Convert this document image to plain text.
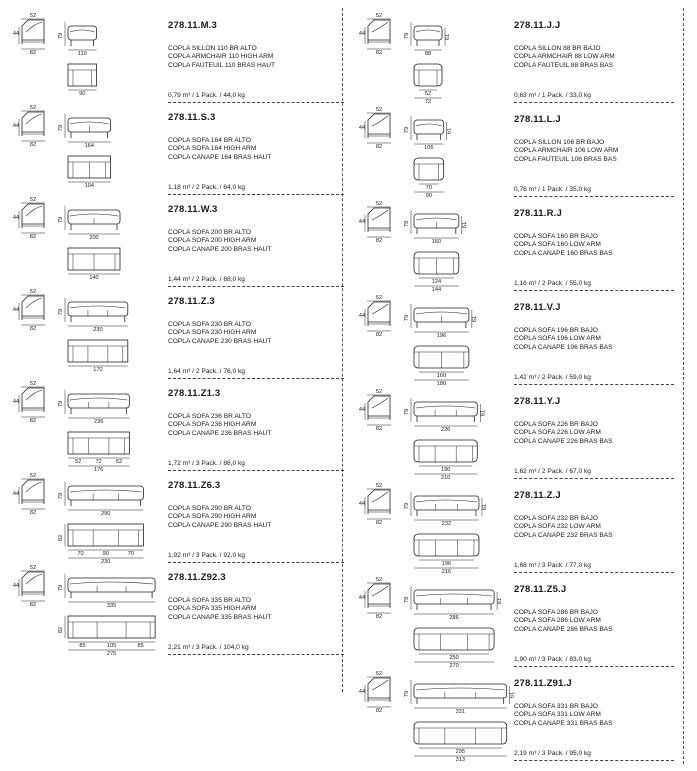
278.11.M.3
COPLA SILLON 110 BR ALTO
COPLA ARMCHAIR 110 HIGH ARM
COPLA FAUTEUIL 110 BRAS HAUT
0,79 m³ / 1 Pack. / 44,0 kg
52
44
82
79
110
90
278.11.S.3
COPLA SOFA 164 BR ALTO
COPLA SOFA 164 HIGH ARM
COPLA CANAPE 164 BRAS HAUT
1,18 m³ / 2 Pack. / 64,0 kg
52
44
82
79
164
104
278.11.W.3
COPLA SOFA 200 BR ALTO
COPLA SOFA 200 HIGH ARM
COPLA CANAPE 200 BRAS HAUT
1,44 m³ / 2 Pack. / 68,0 kg
52
44
82
79
200
140
278.11.Z.3
COPLA SOFA 230 BR ALTO
COPLA SOFA 230 HIGH ARM
COPLA CANAPE 230 BRAS HAUT
1,64 m³ / 2 Pack. / 76,0 kg
52
44
82
79
230
170
278.11.Z1.3
COPLA SOFA 236 BR ALTO
COPLA SOFA 236 HIGH ARM
COPLA CANAPE 236 BRAS HAUT
1,72 m³ / 3 Pack. / 86,0 kg
52
44
82
79
236
52	72	52
176
278.11.Z6.3
COPLA SOFA 290 BR ALTO
COPLA SOFA 290 HIGH ARM
COPLA CANAPE 290 BRAS HAUT
1,92 m³ / 3 Pack. / 92,0 kg
52
44
82
79
290
82
70	90	70
230
278.11.Z92.3
COPLA SOFA 335 BR ALTO
COPLA SOFA 335 HIGH ARM
COPLA CANAPE 335 BRAS HAUT
2,21 m³ / 3 Pack. / 104,0 kg
52
44
82
79
335
82
85	105	85
275
278.11.J.J
COPLA SILLON 88 BR BAJO
COPLA ARMCHAIR 88 LOW ARM
COPLA FAUTEUIL 88 BRAS BAS
0,63 m³ / 1 Pack. / 33,0 kg
52
44
82
79	61
88
52
72
278.11.L.J
COPLA SILLON 106 BR BAJO
COPLA ARMCHAIR 106 LOW ARM
COPLA FAUTEUIL 106 BRAS BAS
0,76 m³ / 1 Pack. / 35,0 kg
52
44
82
79	61
106
70
90
278.11.R.J
COPLA SOFA 160 BR BAJO
COPLA SOFA 160 LOW ARM
COPLA CANAPE 160 BRAS BAS
1,16 m³ / 2 Pack. / 55,0 kg
52
44
82
79	61
160
124
144
278.11.V.J
COPLA SOFA 196 BR BAJO
COPLA SOFA 196 LOW ARM
COPLA CANAPE 196 BRAS BAS
1,42 m³ / 2 Pack. / 59,0 kg
52
44
82
79	61
196
160
180
278.11.Y.J
COPLA SOFA 226 BR BAJO
COPLA SOFA 226 LOW ARM
COPLA CANAPE 226 BRAS BAS
1,62 m³ / 2 Pack. / 67,0 kg
52
44
82
79	61
226
190
210
278.11.Z.J
COPLA SOFA 232 BR BAJO
COPLA SOFA 232 LOW ARM
COPLA CANAPE 232 BRAS BAS
1,68 m³ / 3 Pack. / 77,0 kg
52
44
82
79	61
232
196
216
278.11.Z5.J
COPLA SOFA 286 BR BAJO
COPLA SOFA 286 LOW ARM
COPLA CANAPE 286 BRAS BAS
1,90 m³ / 3 Pack. / 83,0 kg
52
44
82
79	61
286
250
270
278.11.Z91.J
COPLA SOFA 331 BR BAJO
COPLA SOFA 331 LOW ARM
COPLA CANAPE 331 BRAS BAS
2,19 m³ / 3 Pack. / 95,0 kg
52
44
82
79	61
331
295
313
